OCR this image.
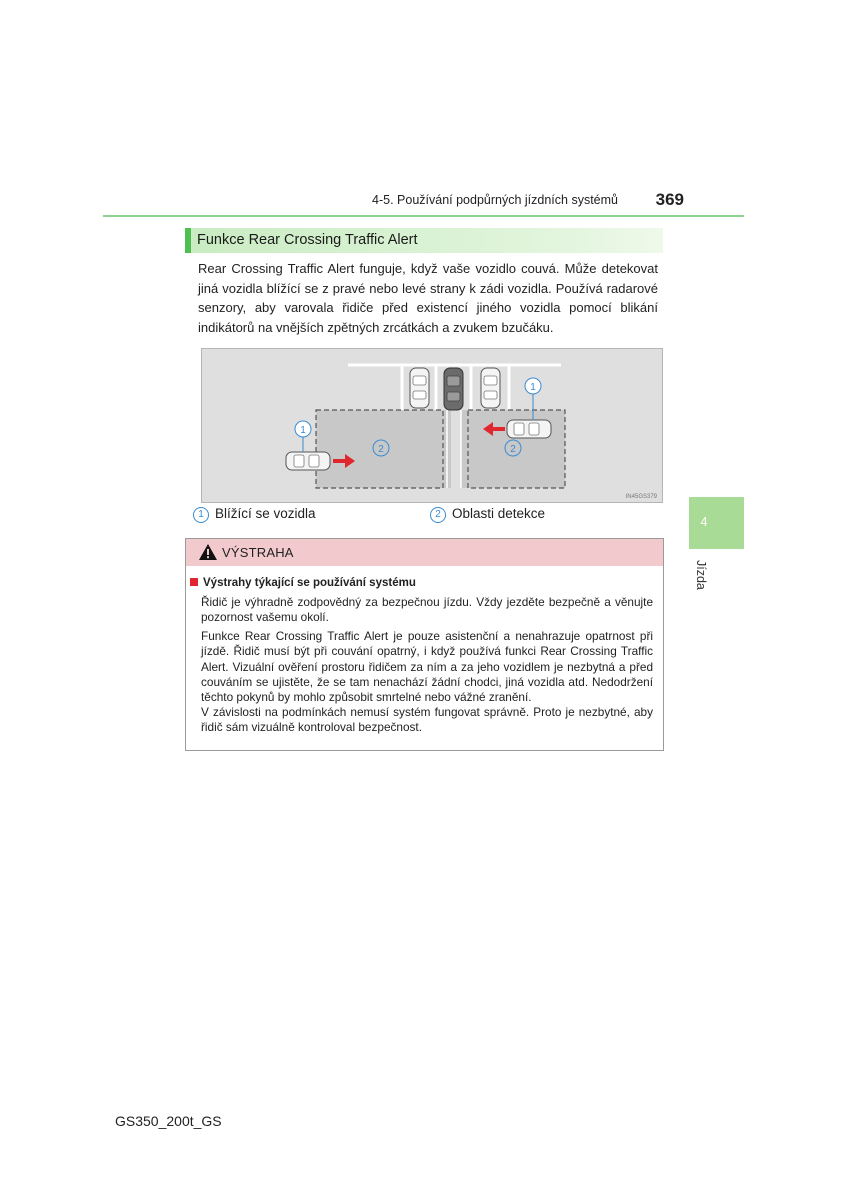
4-5. Používání podpůrných jízdních systémů	369
Funkce Rear Crossing Traffic Alert
Rear Crossing Traffic Alert funguje, když vaše vozidlo couvá. Může detekovat jiná vozidla blížící se z pravé nebo levé strany k zádi vozidla. Používá radarové senzory, aby varovala řidiče před existencí jiného vozidla pomocí blikání indikátorů na vnějších zpětných zrcátkách a zvukem bzučáku.
1
1
2	2
IN45GS379
1 Blížící se vozidla	2 Oblasti detekce
4
Jízda
VÝSTRAHA
Výstrahy týkající se používání systému
Řidič je výhradně zodpovědný za bezpečnou jízdu. Vždy jezděte bezpečně a věnujte pozornost vašemu okolí.
Funkce Rear Crossing Traffic Alert je pouze asistenční a nenahrazuje opatrnost při jízdě. Řidič musí být při couvání opatrný, i když používá funkci Rear Crossing Traffic Alert. Vizuální ověření prostoru řidičem za ním a za jeho vozidlem je nezbytná a před couváním se ujistěte, že se tam nenachází žádní chodci, jiná vozidla atd. Nedodržení těchto pokynů by mohlo způsobit smrtelné nebo vážné zranění.
V závislosti na podmínkách nemusí systém fungovat správně. Proto je nezbytné, aby řidič sám vizuálně kontroloval bezpečnost.
GS350_200t_GS
